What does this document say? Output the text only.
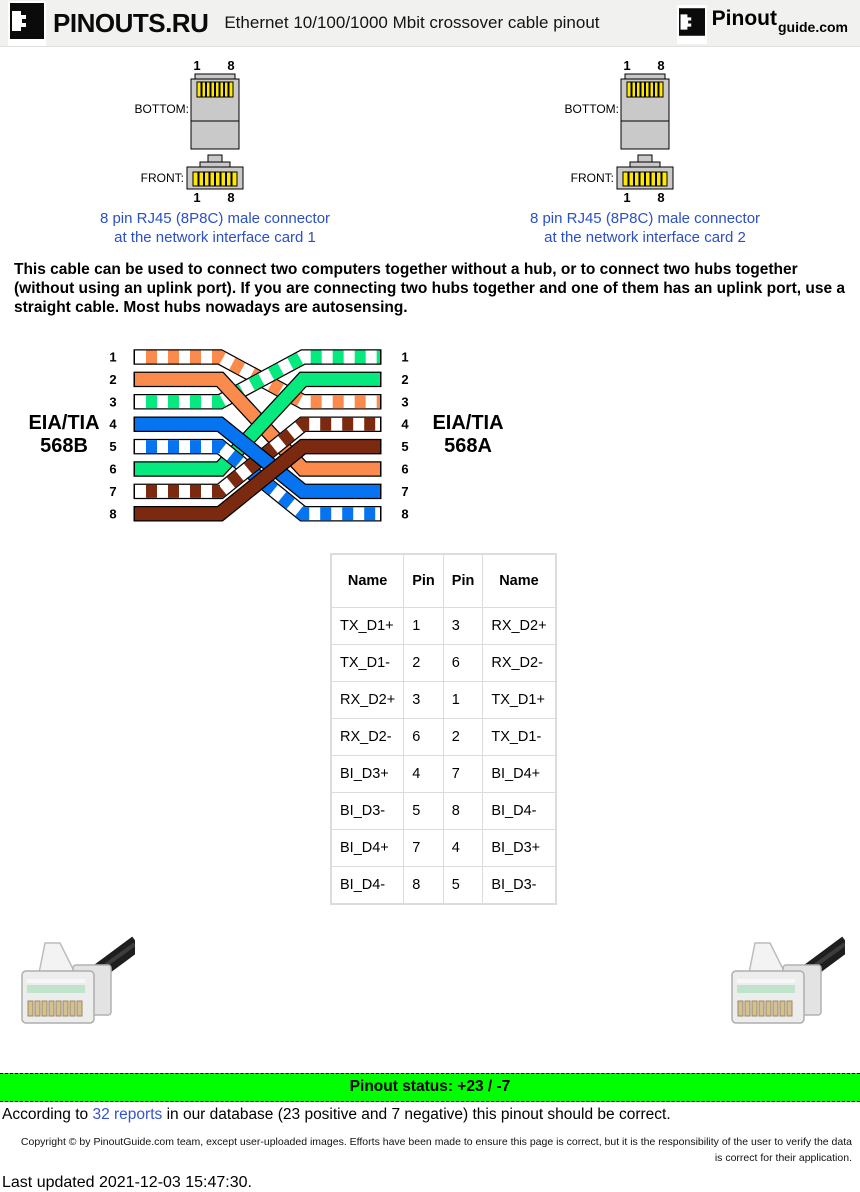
PINOUTS.RU Ethernet 10/100/1000 Mbit crossover cable pinout	Pinout guide.com
1 8
BOTTOM:
FRONT:
1 8
8 pin RJ45 (8P8C) male connector
at the network interface card 1
1 8
BOTTOM:
FRONT:
1 8
8 pin RJ45 (8P8C) male connector
at the network interface card 2

This cable can be used to connect two computers together without a hub, or to connect two hubs together (without using an uplink port). If you are connecting two hubs together and one of them has an uplink port, use a straight cable. Most hubs nowadays are autosensing.

EIA/TIA
568B
EIA/TIA
568A
1	1
2	2
3	3
4	4
5	5
6	6
7	7
8	8
Name	Pin	Pin	Name
TX_D1+	1	3	RX_D2+
TX_D1-	2	6	RX_D2-
RX_D2+	3	1	TX_D1+
RX_D2-	6	2	TX_D1-
BI_D3+	4	7	BI_D4+
BI_D3-	5	8	BI_D4-
BI_D4+	7	4	BI_D3+
BI_D4-	8	5	BI_D3-
Pinout status: +23 / -7
According to 32 reports in our database (23 positive and 7 negative) this pinout should be correct.
Copyright © by PinoutGuide.com team, except user-uploaded images. Efforts have been made to ensure this page is correct, but it is the responsibility of the user to verify the data is correct for their application.
Last updated 2021-12-03 15:47:30.
